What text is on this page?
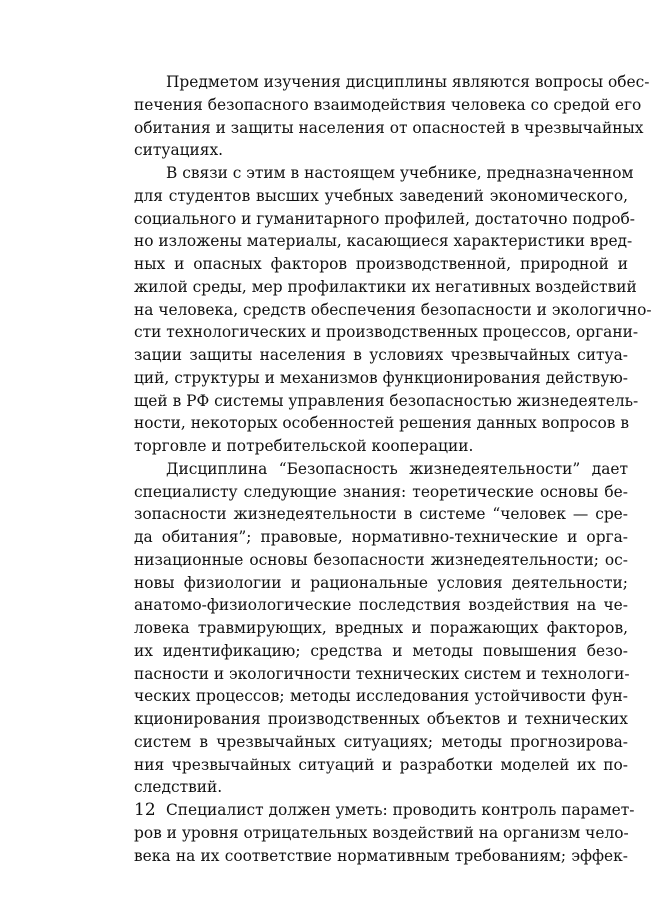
Предметом изучения дисциплины являются вопросы обес-
печения безопасного взаимодействия человека со средой его
обитания и защиты населения от опасностей в чрезвычайных
ситуациях.
В связи с этим в настоящем учебнике, предназначенном
для студентов высших учебных заведений экономического,
социального и гуманитарного профилей, достаточно подроб-
но изложены материалы, касающиеся характеристики вред-
ных и опасных факторов производственной, природной и
жилой среды, мер профилактики их негативных воздействий
на человека, средств обеспечения безопасности и экологично-
сти технологических и производственных процессов, органи-
зации защиты населения в условиях чрезвычайных ситуа-
ций, структуры и механизмов функционирования действую-
щей в РФ системы управления безопасностью жизнедеятель-
ности, некоторых особенностей решения данных вопросов в
торговле и потребительской кооперации.
Дисциплина “Безопасность жизнедеятельности” дает
специалисту следующие знания: теоретические основы бе-
зопасности жизнедеятельности в системе “человек — сре-
да обитания”; правовые, нормативно-технические и орга-
низационные основы безопасности жизнедеятельности; ос-
новы физиологии и рациональные условия деятельности;
анатомо-физиологические последствия воздействия на че-
ловека травмирующих, вредных и поражающих факторов,
их идентификацию; средства и методы повышения безо-
пасности и экологичности технических систем и технологи-
ческих процессов; методы исследования устойчивости фун-
кционирования производственных объектов и технических
систем в чрезвычайных ситуациях; методы прогнозирова-
ния чрезвычайных ситуаций и разработки моделей их по-
следствий.
Специалист должен уметь: проводить контроль парамет-
ров и уровня отрицательных воздействий на организм чело-
века на их соответствие нормативным требованиям; эффек-
12
